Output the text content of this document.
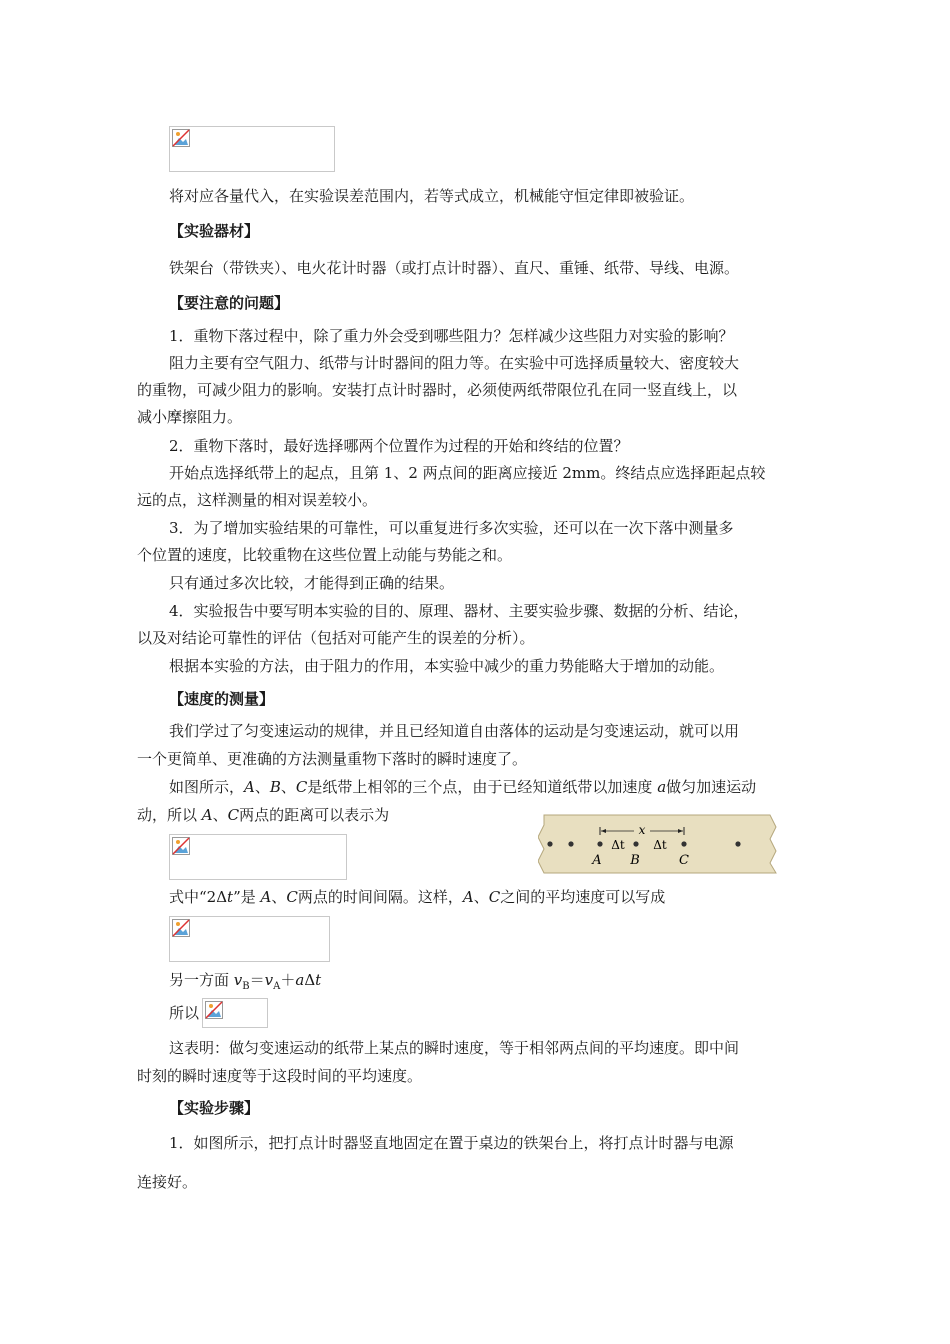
将对应各量代入，在实验误差范围内，若等式成立，机械能守恒定律即被验证。
【实验器材】
铁架台（带铁夹）、电火花计时器（或打点计时器）、直尺、重锤、纸带、导线、电源。
【要注意的问题】
1．重物下落过程中，除了重力外会受到哪些阻力？怎样减少这些阻力对实验的影响？
阻力主要有空气阻力、纸带与计时器间的阻力等。在实验中可选择质量较大、密度较大
的重物，可减少阻力的影响。安装打点计时器时，必须使两纸带限位孔在同一竖直线上，以
减小摩擦阻力。
2．重物下落时，最好选择哪两个位置作为过程的开始和终结的位置？
开始点选择纸带上的起点，且第 1、2 两点间的距离应接近 2mm。终结点应选择距起点较
远的点，这样测量的相对误差较小。
3．为了增加实验结果的可靠性，可以重复进行多次实验，还可以在一次下落中测量多
个位置的速度，比较重物在这些位置上动能与势能之和。
只有通过多次比较，才能得到正确的结果。
4．实验报告中要写明本实验的目的、原理、器材、主要实验步骤、数据的分析、结论，
以及对结论可靠性的评估（包括对可能产生的误差的分析）。
根据本实验的方法，由于阻力的作用，本实验中减少的重力势能略大于增加的动能。
【速度的测量】
我们学过了匀变速运动的规律，并且已经知道自由落体的运动是匀变速运动，就可以用
一个更简单、更准确的方法测量重物下落时的瞬时速度了。
如图所示，A、B、C是纸带上相邻的三个点，由于已经知道纸带以加速度 a做匀加速运动
动，所以 A、C两点的距离可以表示为
x
Δt Δt
A B	C
式中“2Δt”是 A、C两点的时间间隔。这样，A、C之间的平均速度可以写成
另一方面 $v_B=v_A+a\Delta t$
所以
这表明：做匀变速运动的纸带上某点的瞬时速度，等于相邻两点间的平均速度。即中间
时刻的瞬时速度等于这段时间的平均速度。
【实验步骤】
1．如图所示，把打点计时器竖直地固定在置于桌边的铁架台上，将打点计时器与电源
连接好。
